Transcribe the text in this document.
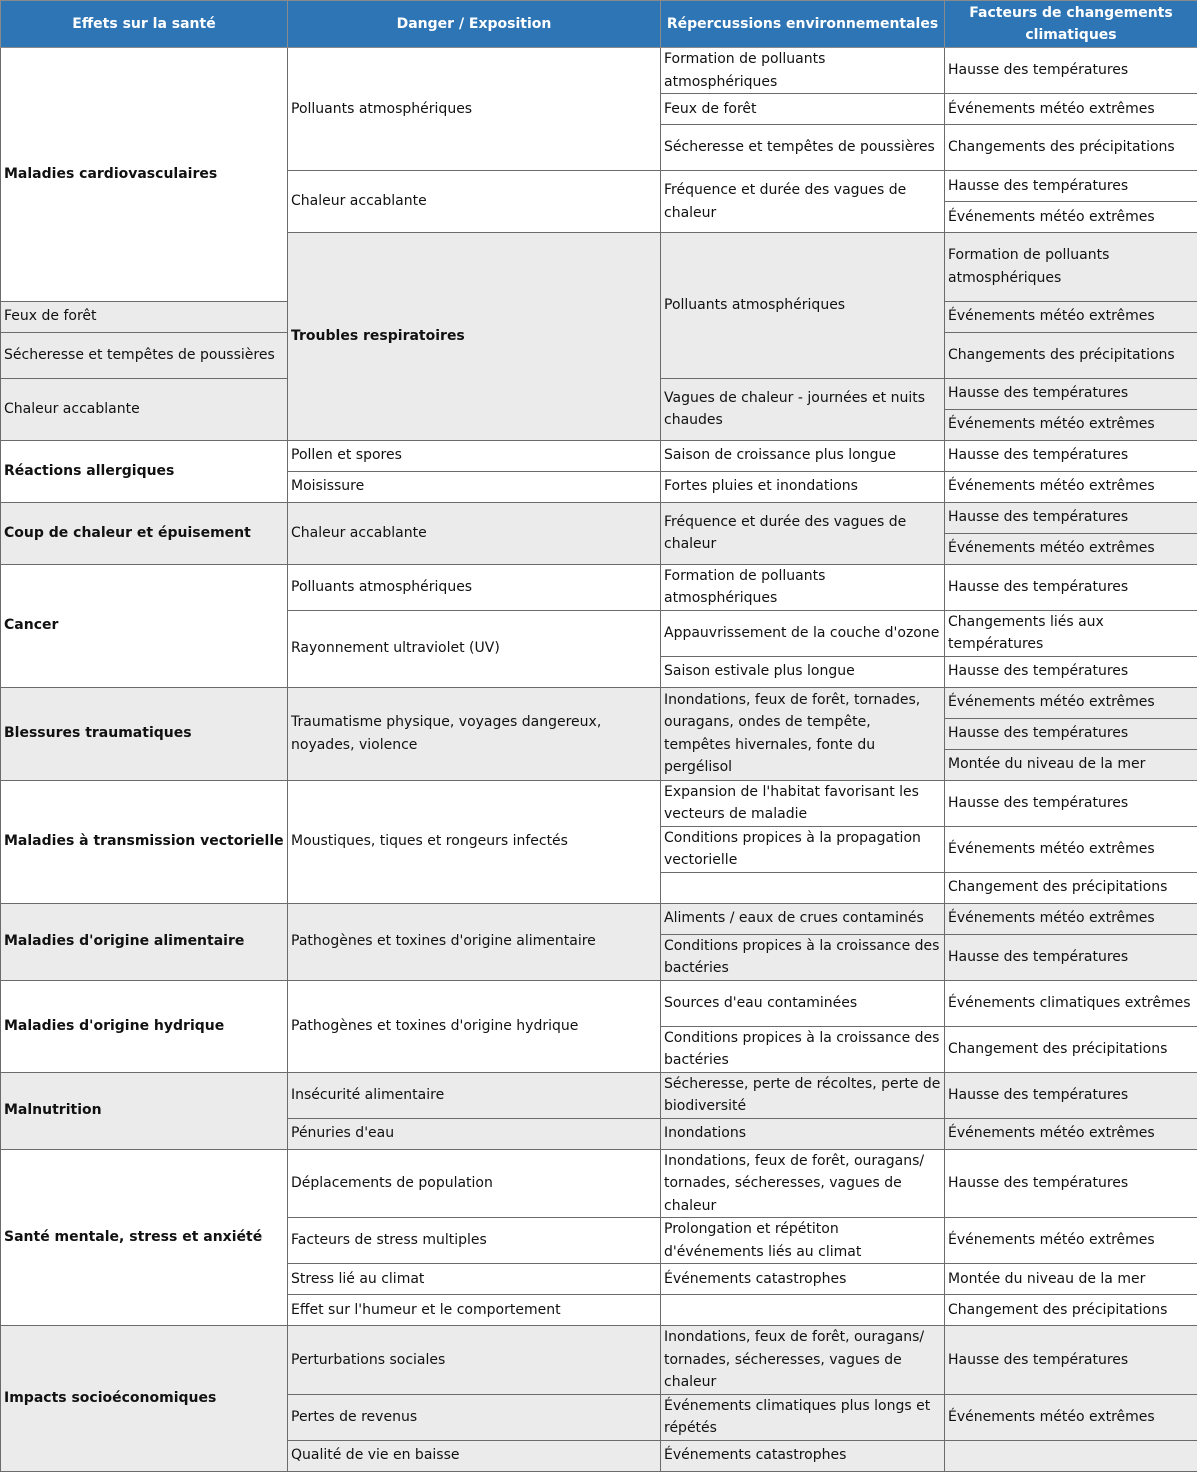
Effets sur la santé	Danger / Exposition	Répercussions environnementales	Facteurs de changements climatiques	
Maladies cardiovasculaires	Polluants atmosphériques	Formation de polluants atmosphériques	Hausse des températures	
		Feux de forêt	Événements météo extrêmes	
		Sécheresse et tempêtes de poussières	Changements des précipitations	
	Chaleur accablante	Fréquence et durée des vagues de chaleur	Hausse des températures	
			Événements météo extrêmes	
	Troubles respiratoires	Polluants atmosphériques	Formation de polluants atmosphériques	
Feux de forêt			Événements météo extrêmes	
Sécheresse et tempêtes de poussières			Changements des précipitations	
Chaleur accablante		Vagues de chaleur - journées et nuits chaudes	Hausse des températures	
			Événements météo extrêmes	
Réactions allergiques	Pollen et spores	Saison de croissance plus longue	Hausse des températures	
	Moisissure	Fortes pluies et inondations	Événements météo extrêmes	
Coup de chaleur et épuisement	Chaleur accablante	Fréquence et durée des vagues de chaleur	Hausse des températures	
			Événements météo extrêmes	
Cancer	Polluants atmosphériques	Formation de polluants atmosphériques	Hausse des températures	
	Rayonnement ultraviolet (UV)	Appauvrissement de la couche d'ozone	Changements liés aux températures	
		Saison estivale plus longue	Hausse des températures	
Blessures traumatiques	Traumatisme physique, voyages dangereux, noyades, violence	Inondations, feux de forêt, tornades, ouragans, ondes de tempête, tempêtes hivernales, fonte du pergélisol	Événements météo extrêmes	
			Hausse des températures	
			Montée du niveau de la mer	
Maladies à transmission vectorielle	Moustiques, tiques et rongeurs infectés	Expansion de l'habitat favorisant les vecteurs de maladie	Hausse des températures	
		Conditions propices à la propagation vectorielle	Événements météo extrêmes	
			Changement des précipitations	
Maladies d'origine alimentaire	Pathogènes et toxines d'origine alimentaire	Aliments / eaux de crues contaminés	Événements météo extrêmes	
		Conditions propices à la croissance des bactéries	Hausse des températures	
Maladies d'origine hydrique	Pathogènes et toxines d'origine hydrique	Sources d'eau contaminées	Événements climatiques extrêmes	
		Conditions propices à la croissance des bactéries	Changement des précipitations	
Malnutrition	Insécurité alimentaire	Sécheresse, perte de récoltes, perte de biodiversité	Hausse des températures	
	Pénuries d'eau	Inondations	Événements météo extrêmes	
Santé mentale, stress et anxiété	Déplacements de population	Inondations, feux de forêt, ouragans/ tornades, sécheresses, vagues de chaleur	Hausse des températures	
	Facteurs de stress multiples	Prolongation et répétiton d'événements liés au climat	Événements météo extrêmes	
	Stress lié au climat	Événements catastrophes	Montée du niveau de la mer	
	Effet sur l'humeur et le comportement		Changement des précipitations	
Impacts socioéconomiques	Perturbations sociales	Inondations, feux de forêt, ouragans/ tornades, sécheresses, vagues de chaleur	Hausse des températures	
	Pertes de revenus	Événements climatiques plus longs et répétés	Événements météo extrêmes	
	Qualité de vie en baisse	Événements catastrophes		
